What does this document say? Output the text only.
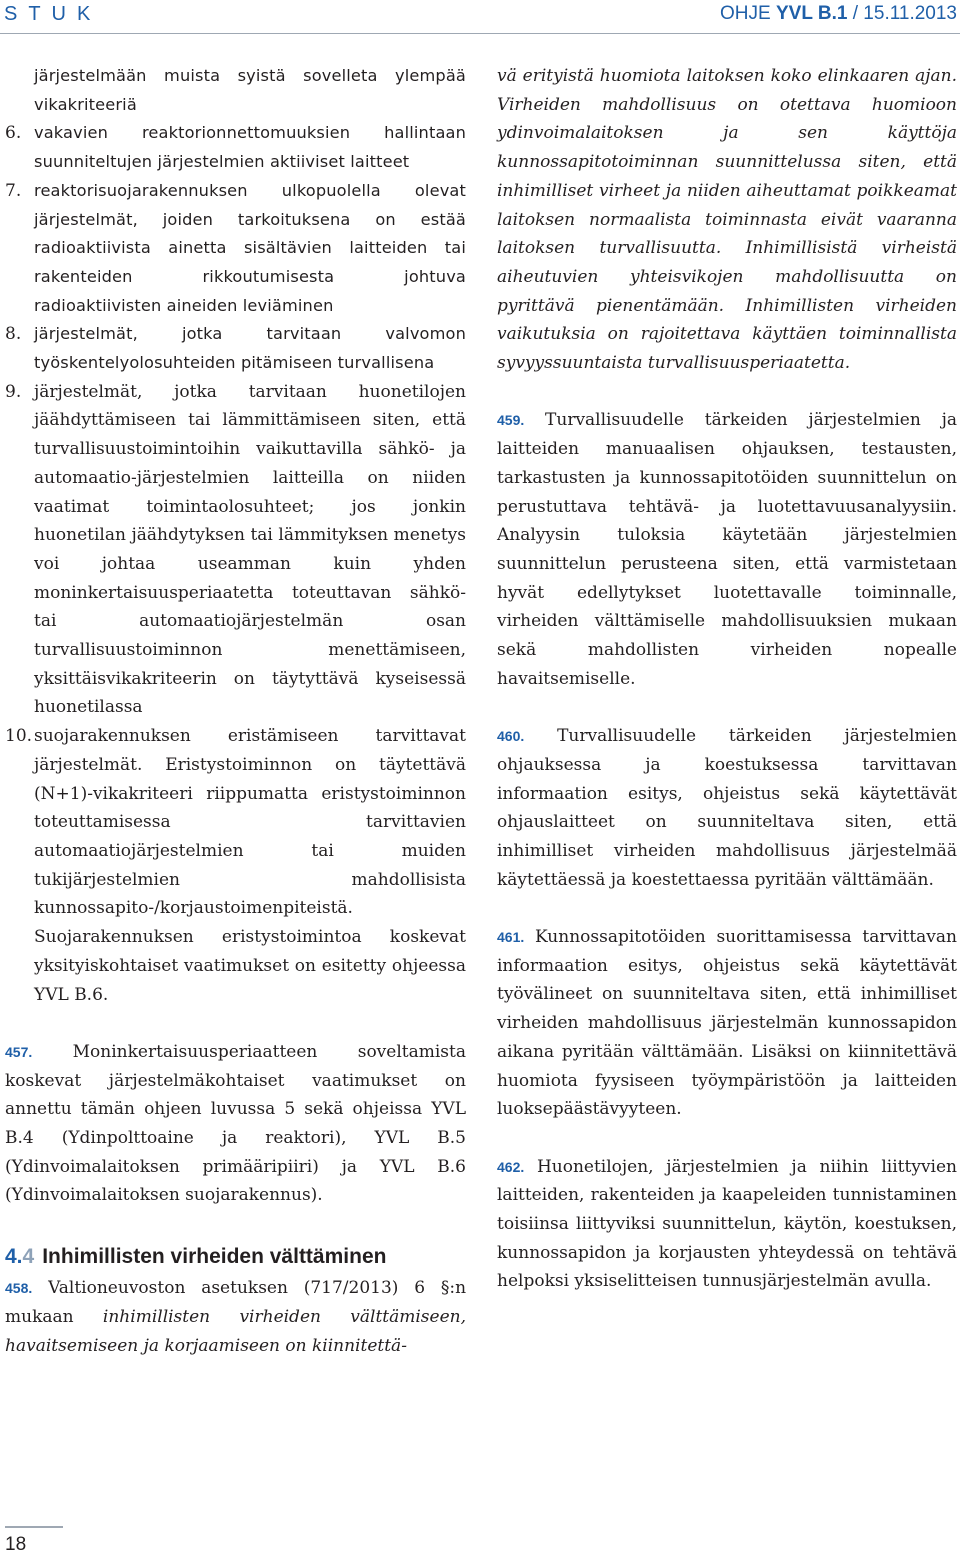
STUK	OHJE YVL B.1 / 15.11.2013
järjestelmään muista syistä sovelleta ylempää vikakriteeriä
6. vakavien reaktorionnettomuuksien hallintaan suunniteltujen järjestelmien aktiiviset laitteet
7. reaktorisuojarakennuksen ulkopuolella olevat järjestelmät, joiden tarkoituksena on estää radioaktiivista ainetta sisältävien laitteiden tai rakenteiden rikkoutumisesta johtuva radioaktiivisten aineiden leviäminen
8. järjestelmät, jotka tarvitaan valvomon työskentelyolosuhteiden pitämiseen turvallisena
9. järjestelmät, jotka tarvitaan huonetilojen jäähdyttämiseen tai lämmittämiseen siten, että turvallisuustoimintoihin vaikuttavilla sähkö- ja automaatio-järjestelmien laitteilla on niiden vaatimat toimintaolosuhteet; jos jonkin huonetilan jäähdytyksen tai lämmityksen menetys voi johtaa useamman kuin yhden moninkertaisuusperiaatetta toteuttavan sähkö- tai automaatiojärjestelmän osan turvallisuustoiminnon menettämiseen, yksittäisvikakriteerin on täytyttävä kyseisessä huonetilassa
10. suojarakennuksen eristämiseen tarvittavat järjestelmät. Eristystoiminnon on täytettävä (N+1)-vikakriteeri riippumatta eristystoiminnon toteuttamisessa tarvittavien automaatiojärjestelmien tai muiden tukijärjestelmien mahdollisista kunnossapito-/korjaustoimenpiteistä. Suojarakennuksen eristystoimintoa koskevat yksityiskohtaiset vaatimukset on esitetty ohjeessa YVL B.6.

457. Moninkertaisuusperiaatteen soveltamista koskevat järjestelmäkohtaiset vaatimukset on annettu tämän ohjeen luvussa 5 sekä ohjeissa YVL B.4 (Ydinpolttoaine ja reaktori), YVL B.5 (Ydinvoimalaitoksen primääripiiri) ja YVL B.6 (Ydinvoimalaitoksen suojarakennus).

4.4 Inhimillisten virheiden välttäminen

458. Valtioneuvoston asetuksen (717/2013) 6 §:n mukaan inhimillisten virheiden välttämiseen, havaitsemiseen ja korjaamiseen on kiinnitettä-

vä erityistä huomiota laitoksen koko elinkaaren ajan. Virheiden mahdollisuus on otettava huomioon ydinvoimalaitoksen ja sen käyttöja kunnossapitotoiminnan suunnittelussa siten, että inhimilliset virheet ja niiden aiheuttamat poikkeamat laitoksen normaalista toiminnasta eivät vaaranna laitoksen turvallisuutta. Inhimillisistä virheistä aiheutuvien yhteisvikojen mahdollisuutta on pyrittävä pienentämään. Inhimillisten virheiden vaikutuksia on rajoitettava käyttäen toiminnallista syvyyssuuntaista turvallisuusperiaatetta.

459. Turvallisuudelle tärkeiden järjestelmien ja laitteiden manuaalisen ohjauksen, testausten, tarkastusten ja kunnossapitotöiden suunnittelun on perustuttava tehtävä- ja luotettavuusanalyysiin. Analyysin tuloksia käytetään järjestelmien suunnittelun perusteena siten, että varmistetaan hyvät edellytykset luotettavalle toiminnalle, virheiden välttämiselle mahdollisuuksien mukaan sekä mahdollisten virheiden nopealle havaitsemiselle.

460. Turvallisuudelle tärkeiden järjestelmien ohjauksessa ja koestuksessa tarvittavan informaation esitys, ohjeistus sekä käytettävät ohjauslaitteet on suunniteltava siten, että inhimilliset virheiden mahdollisuus järjestelmää käytettäessä ja koestettaessa pyritään välttämään.

461. Kunnossapitotöiden suorittamisessa tarvittavan informaation esitys, ohjeistus sekä käytettävät työvälineet on suunniteltava siten, että inhimilliset virheiden mahdollisuus järjestelmän kunnossapidon aikana pyritään välttämään. Lisäksi on kiinnitettävä huomiota fyysiseen työympäristöön ja laitteiden luoksepäästävyyteen.

462. Huonetilojen, järjestelmien ja niihin liittyvien laitteiden, rakenteiden ja kaapeleiden tunnistaminen toisiinsa liittyviksi suunnittelun, käytön, koestuksen, kunnossapidon ja korjausten yhteydessä on tehtävä helpoksi yksiselitteisen tunnusjärjestelmän avulla.

18
